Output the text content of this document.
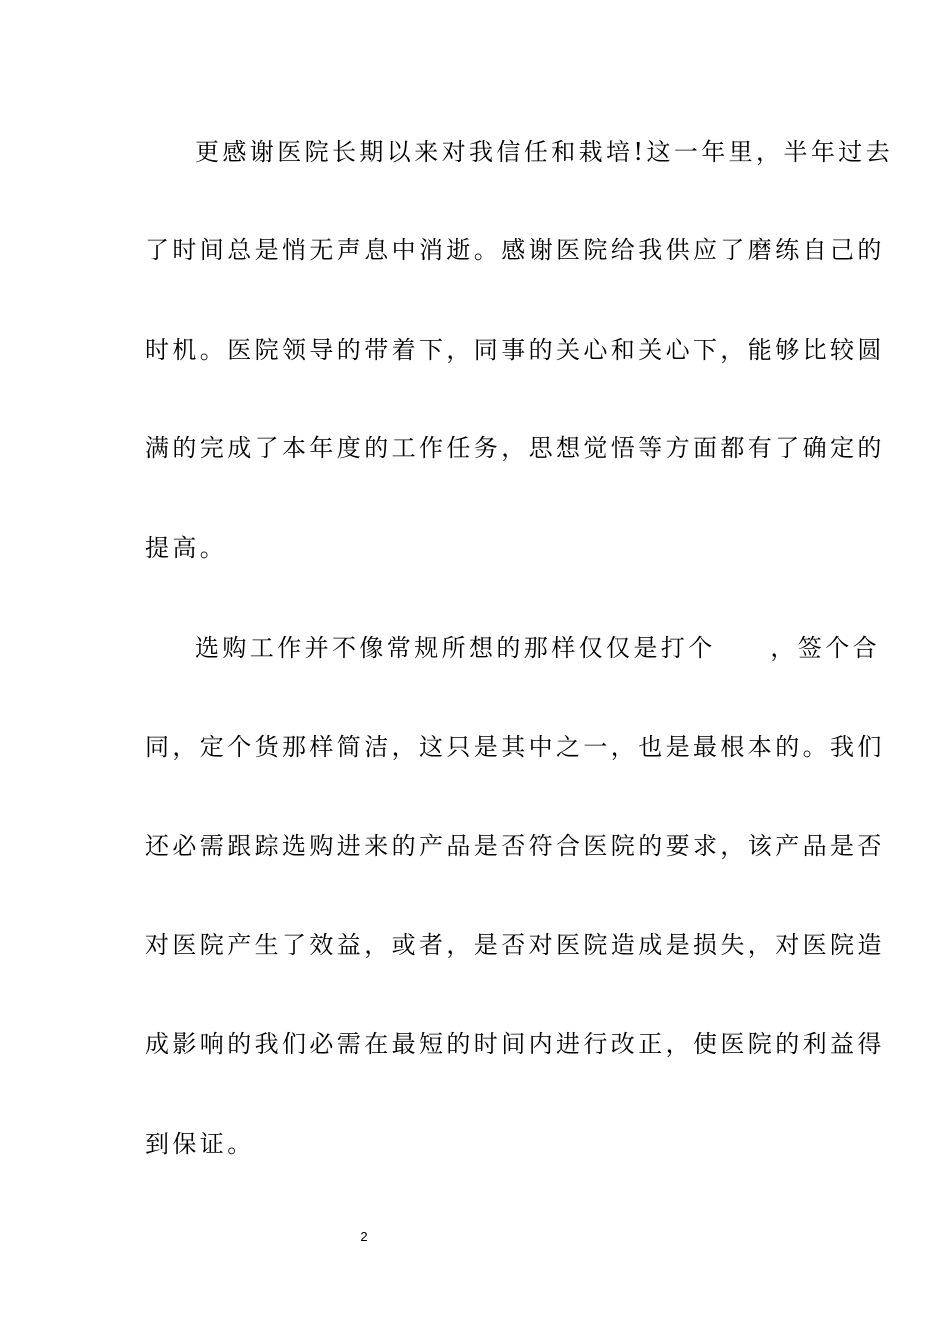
更感谢医院长期以来对我信任和栽培!这一年里，半年过去
了时间总是悄无声息中消逝。感谢医院给我供应了磨练自己的
时机。医院领导的带着下，同事的关心和关心下，能够比较圆
满的完成了本年度的工作任务，思想觉悟等方面都有了确定的
提高。
选购工作并不像常规所想的那样仅仅是打个　　，签个合
同，定个货那样简洁，这只是其中之一，也是最根本的。我们
还必需跟踪选购进来的产品是否符合医院的要求，该产品是否
对医院产生了效益，或者，是否对医院造成是损失，对医院造
成影响的我们必需在最短的时间内进行改正，使医院的利益得
到保证。
2
